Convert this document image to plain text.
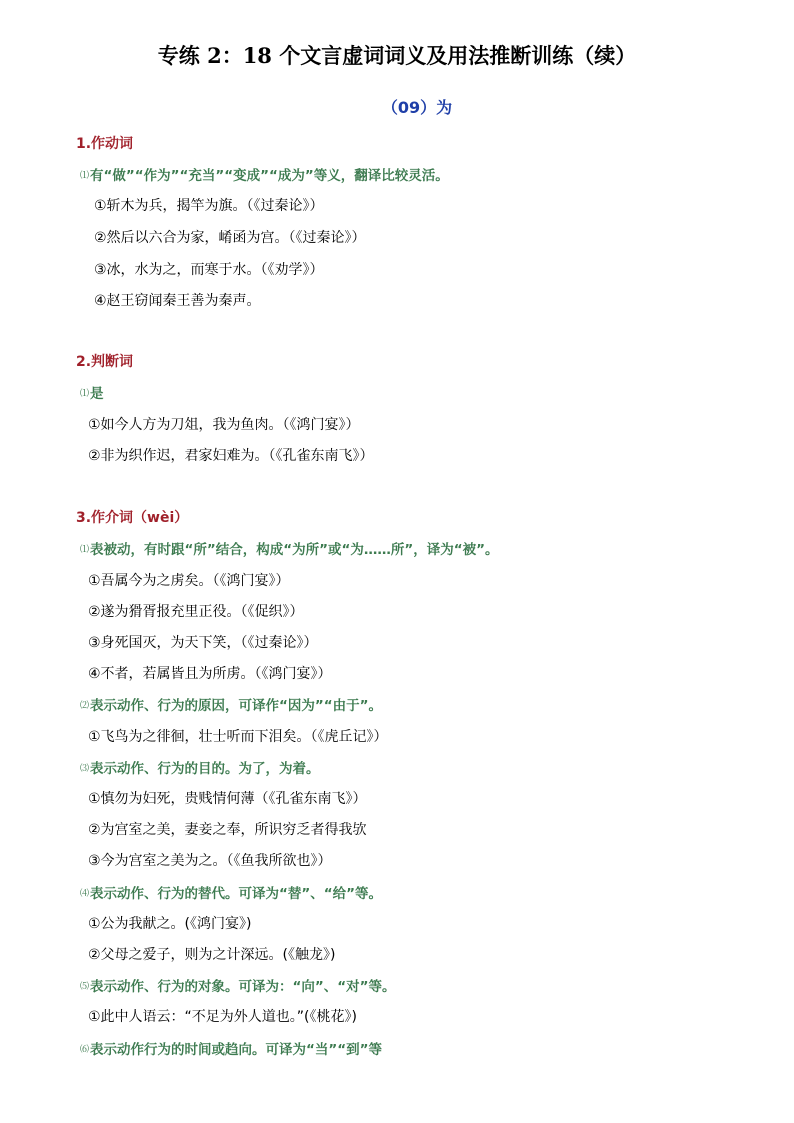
专练 2：18 个文言虚词词义及用法推断训练（续）
（09）为
1.作动词
⑴有“做”“作为”“充当”“变成”“成为”等义，翻译比较灵活。
①斩木为兵，揭竿为旗。（《过秦论》）
②然后以六合为家，崤函为宫。（《过秦论》）
③冰，水为之，而寒于水。（《劝学》）
④赵王窃闻秦王善为秦声。
2.判断词
⑴是
①如今人方为刀俎，我为鱼肉。（《鸿门宴》）
②非为织作迟，君家妇难为。（《孔雀东南飞》）
3.作介词（wèi）
⑴表被动，有时跟“所”结合，构成“为所”或“为……所”，译为“被”。
①吾属今为之虏矣。（《鸿门宴》）
②遂为猾胥报充里正役。（《促织》）
③身死国灭，为天下笑，（《过秦论》）
④不者，若属皆且为所虏。（《鸿门宴》）
⑵表示动作、行为的原因，可译作“因为”“由于”。
①飞鸟为之徘徊，壮士听而下泪矣。（《虎丘记》）
⑶表示动作、行为的目的。为了，为着。
①慎勿为妇死，贵贱情何薄（《孔雀东南飞》）
②为宫室之美，妻妾之奉，所识穷乏者得我欤
③今为宫室之美为之。（《鱼我所欲也》）
⑷表示动作、行为的替代。可译为“替”、“给”等。
①公为我献之。(《鸿门宴》)
②父母之爱子，则为之计深远。(《触龙》)
⑸表示动作、行为的对象。可译为：“向”、“对”等。
①此中人语云：“不足为外人道也。”(《桃花》)
⑹表示动作行为的时间或趋向。可译为“当”“到”等
